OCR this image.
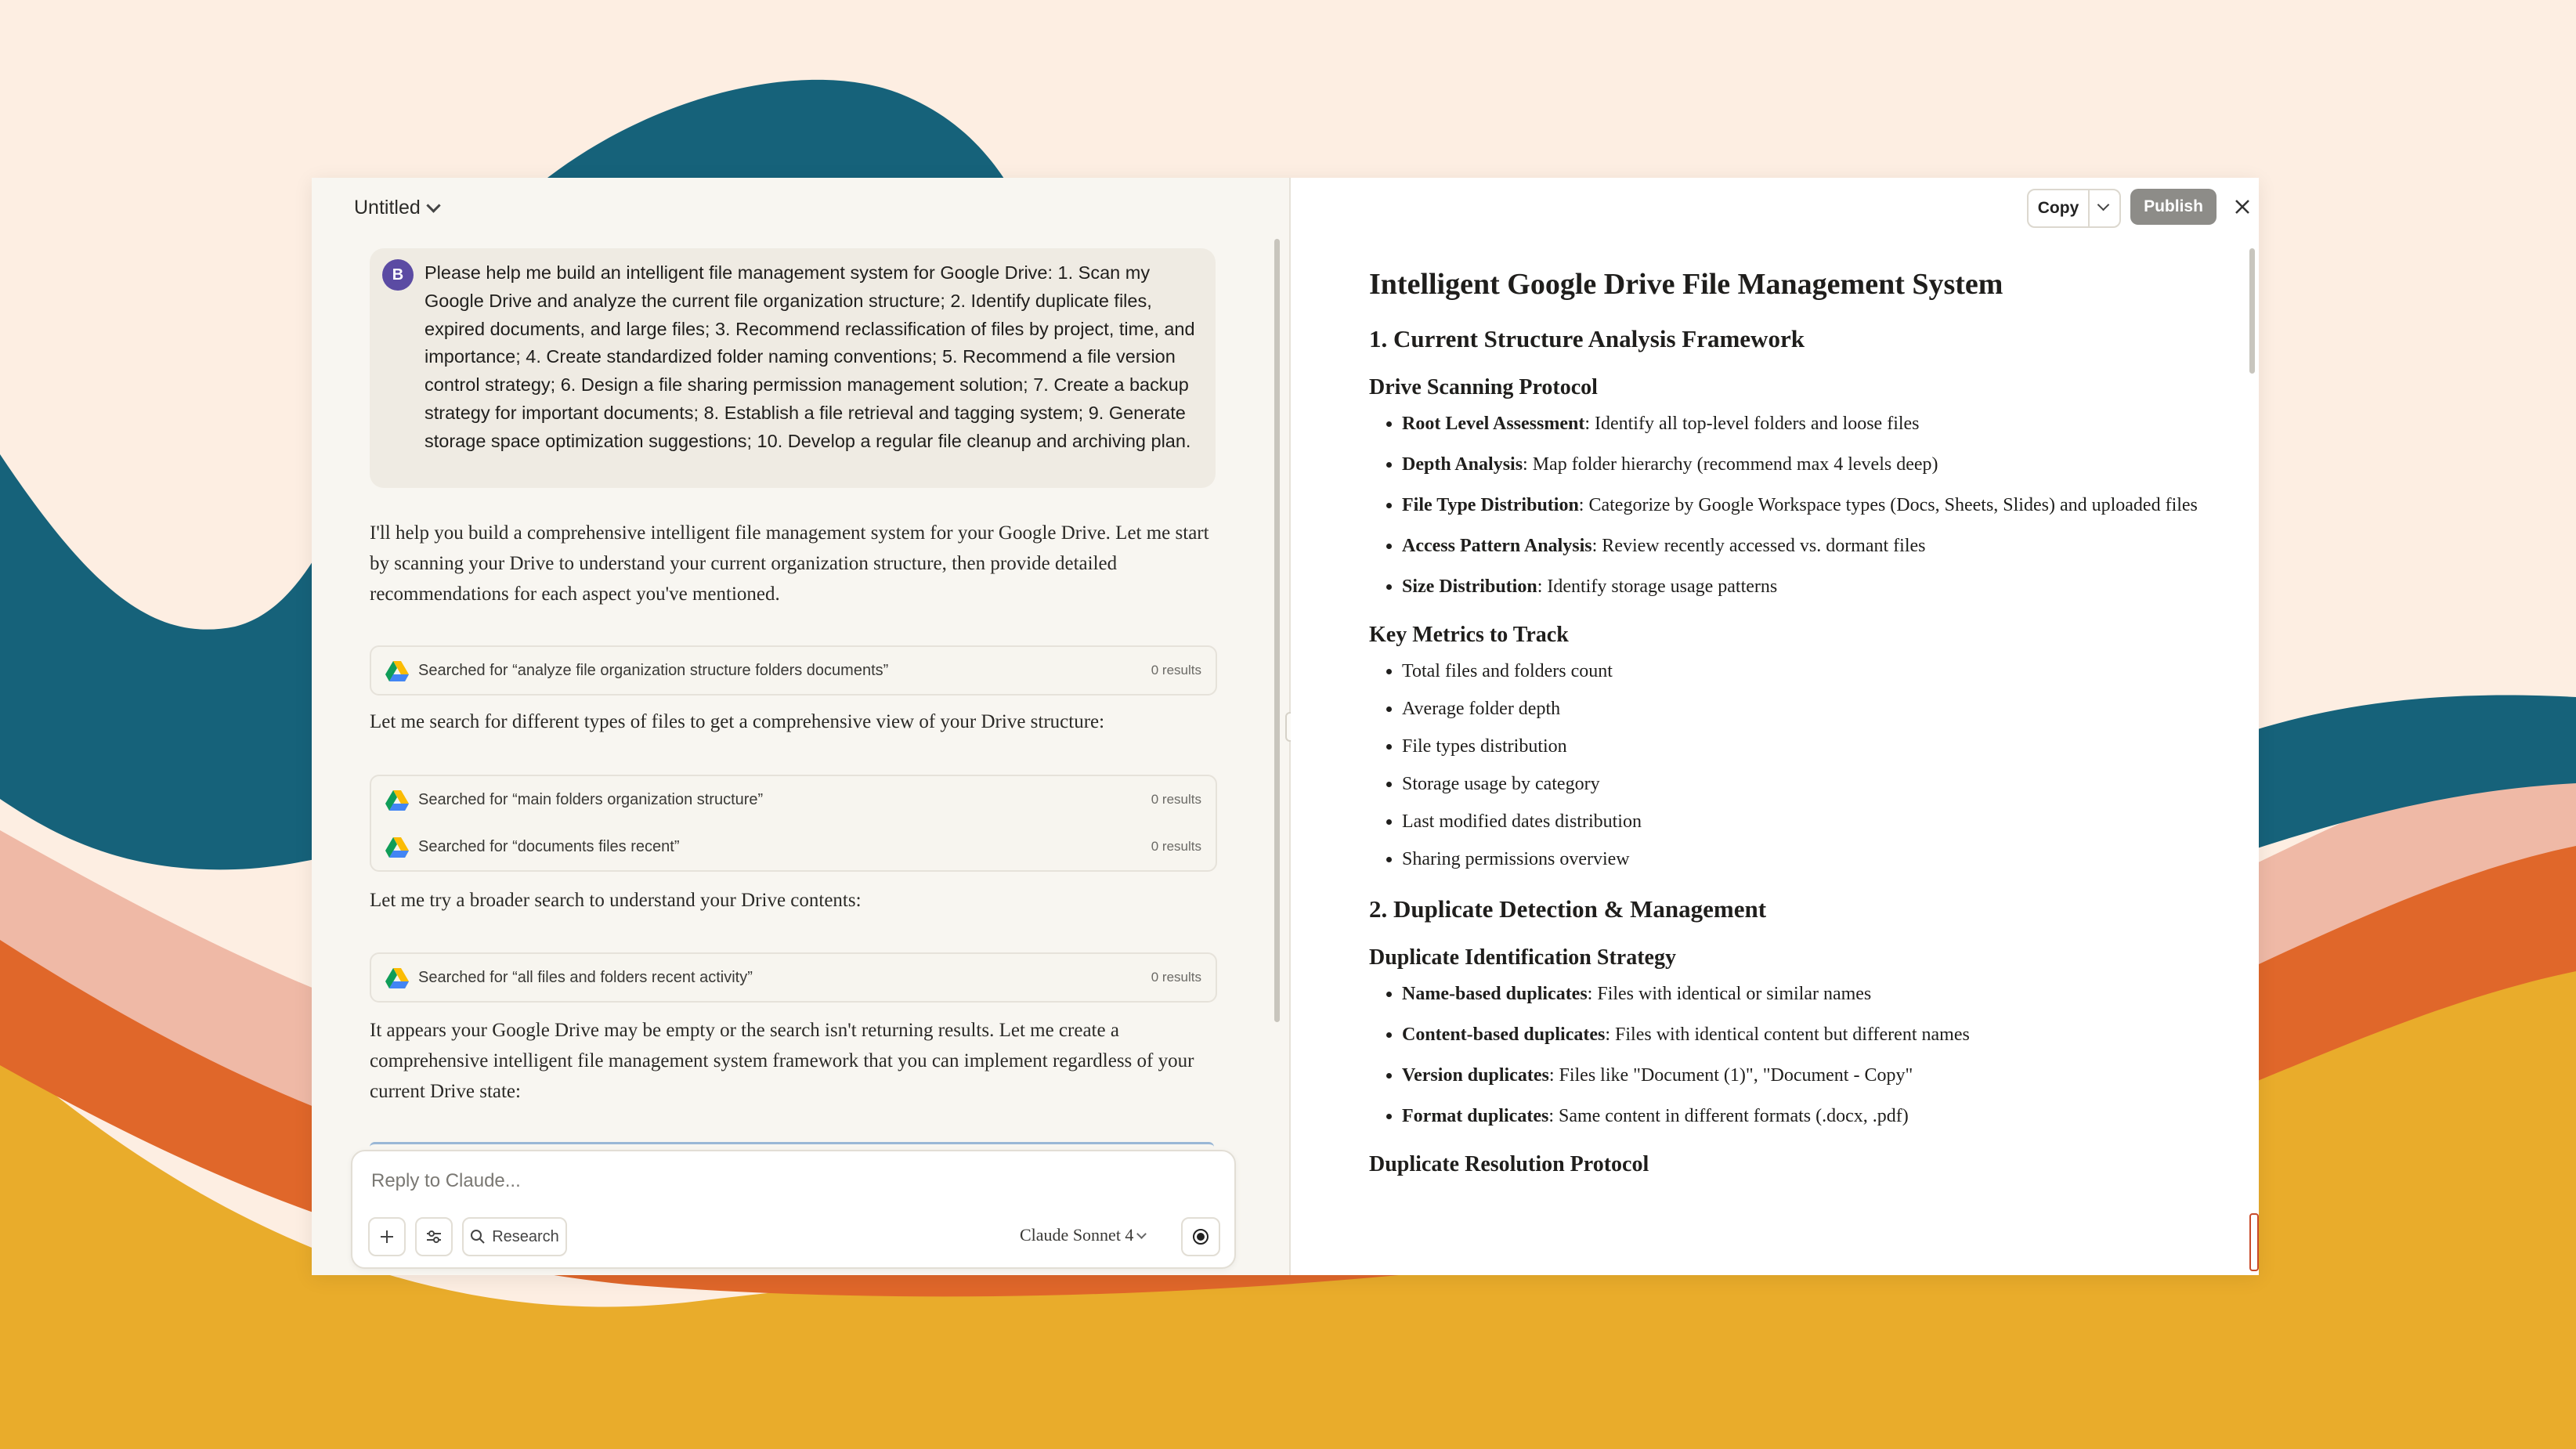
Untitled
B	Please help me build an intelligent file management system for Google Drive: 1. Scan my Google Drive and analyze the current file organization structure; 2. Identify duplicate files, expired documents, and large files; 3. Recommend reclassification of files by project, time, and importance; 4. Create standardized folder naming conventions; 5. Recommend a file version control strategy; 6. Design a file sharing permission management solution; 7. Create a backup strategy for important documents; 8. Establish a file retrieval and tagging system; 9. Generate storage space optimization suggestions; 10. Develop a regular file cleanup and archiving plan.
I'll help you build a comprehensive intelligent file management system for your Google Drive. Let me start by scanning your Drive to understand your current organization structure, then provide detailed recommendations for each aspect you've mentioned.
Searched for “analyze file organization structure folders documents”	0 results
Let me search for different types of files to get a comprehensive view of your Drive structure:
Searched for “main folders organization structure”	0 results
Searched for “documents files recent”	0 results
Let me try a broader search to understand your Drive contents:
Searched for “all files and folders recent activity”	0 results
It appears your Google Drive may be empty or the search isn't returning results. Let me create a comprehensive intelligent file management system framework that you can implement regardless of your current Drive state:
Reply to Claude...
Research	Claude Sonnet 4
Copy	Publish
Intelligent Google Drive File Management System
1. Current Structure Analysis Framework
Drive Scanning Protocol
• Root Level Assessment: Identify all top-level folders and loose files
• Depth Analysis: Map folder hierarchy (recommend max 4 levels deep)
• File Type Distribution: Categorize by Google Workspace types (Docs, Sheets, Slides) and uploaded files
• Access Pattern Analysis: Review recently accessed vs. dormant files
• Size Distribution: Identify storage usage patterns
Key Metrics to Track
• Total files and folders count
• Average folder depth
• File types distribution
• Storage usage by category
• Last modified dates distribution
• Sharing permissions overview
2. Duplicate Detection & Management
Duplicate Identification Strategy
• Name-based duplicates: Files with identical or similar names
• Content-based duplicates: Files with identical content but different names
• Version duplicates: Files like "Document (1)", "Document - Copy"
• Format duplicates: Same content in different formats (.docx, .pdf)
Duplicate Resolution Protocol
